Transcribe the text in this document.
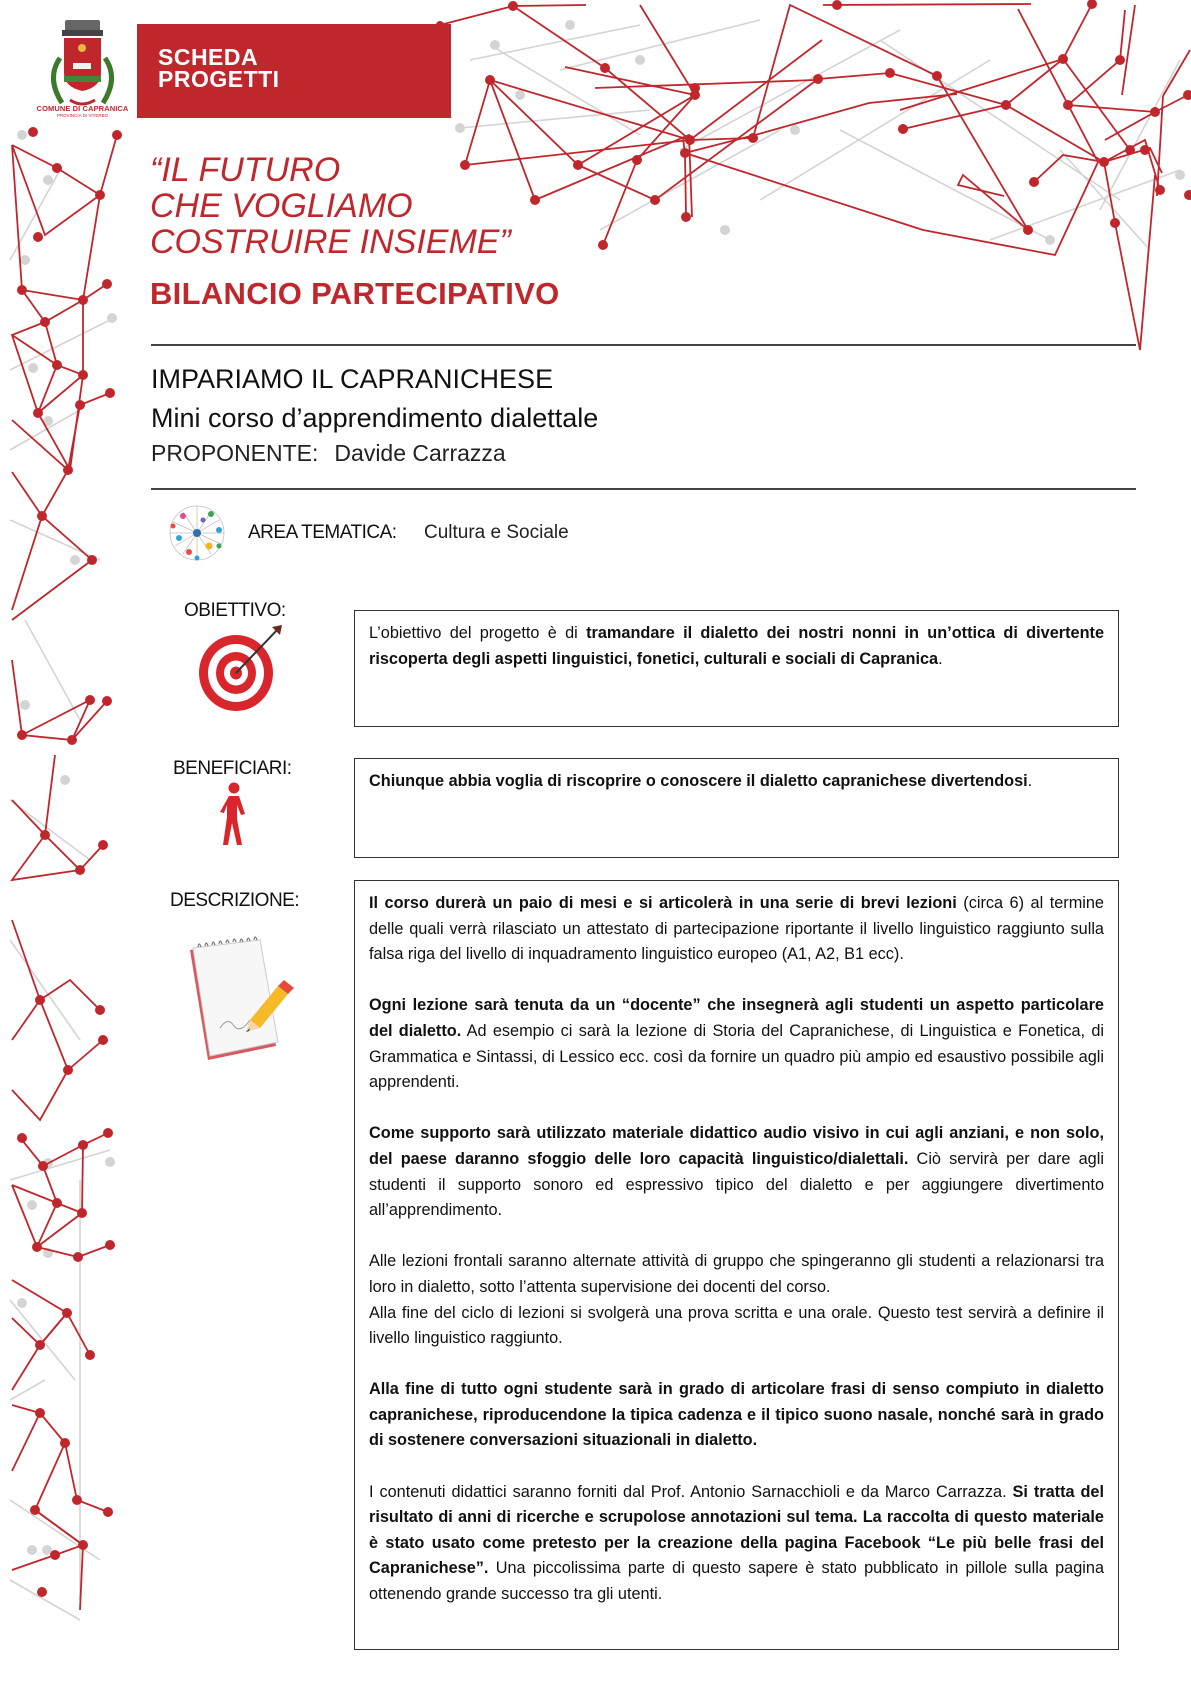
COMUNE DI CAPRANICA
PROVINCIA DI VITERBO
SCHEDA
PROGETTI
“IL FUTURO
CHE VOGLIAMO
COSTRUIRE INSIEME”
BILANCIO PARTECIPATIVO
IMPARIAMO IL CAPRANICHESE
Mini corso d’apprendimento dialettale
PROPONENTE: Davide Carrazza
AREA TEMATICA: Cultura e Sociale
OBIETTIVO:

L’obiettivo del progetto è di tramandare il dialetto dei nostri nonni in un’ottica di divertente riscoperta degli aspetti linguistici, fonetici, culturali e sociali di Capranica.

BENEFICIARI:

Chiunque abbia voglia di riscoprire o conoscere il dialetto capranichese divertendosi.

DESCRIZIONE:	Il corso durerà un paio di mesi e si articolerà in una serie di brevi lezioni (circa 6) al termine delle quali verrà rilasciato un attestato di partecipazione riportante il livello linguistico raggiunto sulla falsa riga del livello di inquadramento linguistico europeo (A1, A2, B1 ecc).

Ogni lezione sarà tenuta da un “docente” che insegnerà agli studenti un aspetto particolare del dialetto. Ad esempio ci sarà la lezione di Storia del Capranichese, di Linguistica e Fonetica, di Grammatica e Sintassi, di Lessico ecc. così da fornire un quadro più ampio ed esaustivo possibile agli apprendenti.

Come supporto sarà utilizzato materiale didattico audio visivo in cui agli anziani, e non solo, del paese daranno sfoggio delle loro capacità linguistico/dialettali. Ciò servirà per dare agli studenti il supporto sonoro ed espressivo tipico del dialetto e per aggiungere divertimento all’apprendimento.

Alle lezioni frontali saranno alternate attività di gruppo che spingeranno gli studenti a relazionarsi tra loro in dialetto, sotto l’attenta supervisione dei docenti del corso.

Alla fine del ciclo di lezioni si svolgerà una prova scritta e una orale. Questo test servirà a definire il livello linguistico raggiunto.

Alla fine di tutto ogni studente sarà in grado di articolare frasi di senso compiuto in dialetto capranichese, riproducendone la tipica cadenza e il tipico suono nasale, nonché sarà in grado di sostenere conversazioni situazionali in dialetto.

I contenuti didattici saranno forniti dal Prof. Antonio Sarnacchioli e da Marco Carrazza. Si tratta del risultato di anni di ricerche e scrupolose annotazioni sul tema. La raccolta di questo materiale è stato usato come pretesto per la creazione della pagina Facebook “Le più belle frasi del Capranichese”. Una piccolissima parte di questo sapere è stato pubblicato in pillole sulla pagina ottenendo grande successo tra gli utenti.
